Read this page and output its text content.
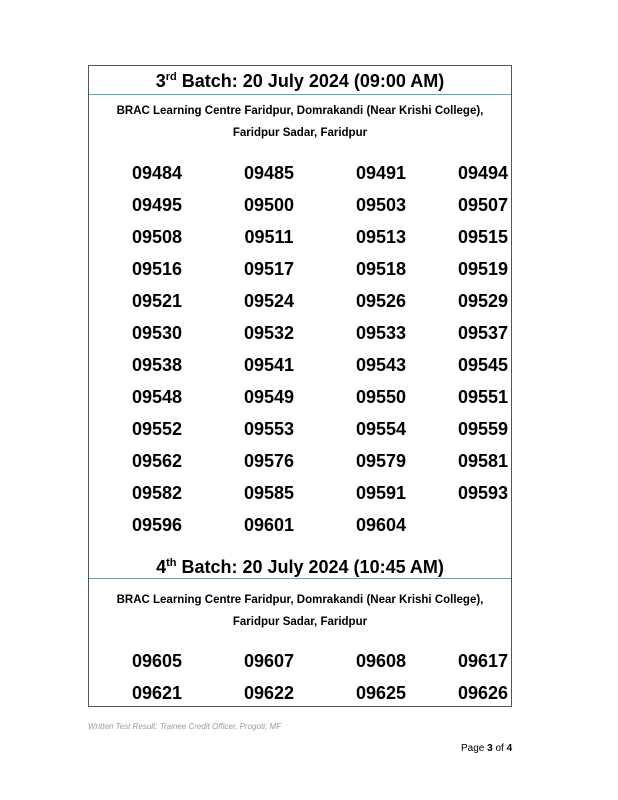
3rd Batch: 20 July 2024 (09:00 AM)
BRAC Learning Centre Faridpur, Domrakandi (Near Krishi College),
Faridpur Sadar, Faridpur
09484	09485	09491	09494
09495	09500	09503	09507
09508	09511	09513	09515
09516	09517	09518	09519
09521	09524	09526	09529
09530	09532	09533	09537
09538	09541	09543	09545
09548	09549	09550	09551
09552	09553	09554	09559
09562	09576	09579	09581
09582	09585	09591	09593
09596	09601	09604
4th Batch: 20 July 2024 (10:45 AM)
BRAC Learning Centre Faridpur, Domrakandi (Near Krishi College),
Faridpur Sadar, Faridpur
09605	09607	09608	09617
09621	09622	09625	09626
Written Test Result: Trainee Credit Officer, Progoti; MF
Page 3 of 4
